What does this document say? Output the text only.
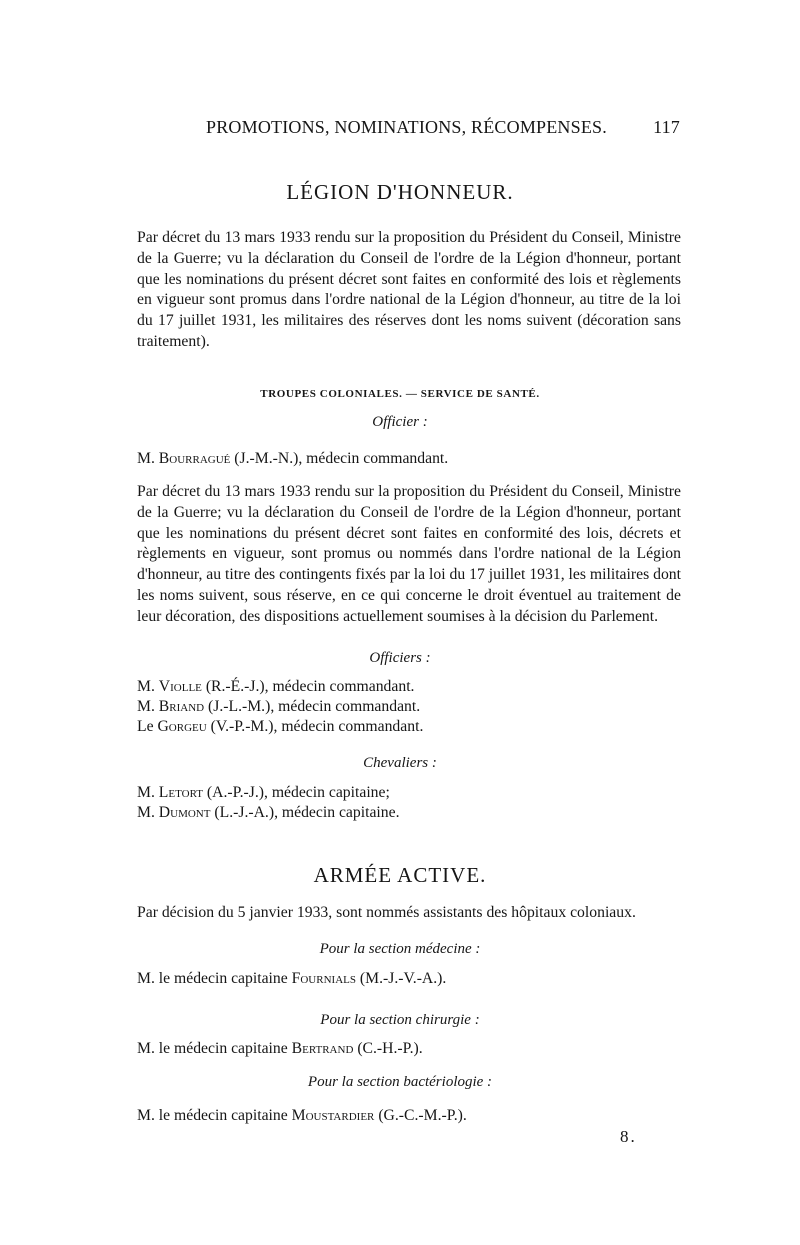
PROMOTIONS, NOMINATIONS, RÉCOMPENSES.	117
LÉGION D'HONNEUR.

Par décret du 13 mars 1933 rendu sur la proposition du Président du Conseil, Ministre de la Guerre; vu la déclaration du Conseil de l'ordre de la Légion d'honneur, portant que les nominations du présent décret sont faites en conformité des lois et règlements en vigueur sont promus dans l'ordre national de la Légion d'honneur, au titre de la loi du 17 juillet 1931, les militaires des réserves dont les noms suivent (décoration sans traitement).

TROUPES COLONIALES. — SERVICE DE SANTÉ.
Officier :
M. Bourragué (J.-M.-N.), médecin commandant.

Par décret du 13 mars 1933 rendu sur la proposition du Président du Conseil, Ministre de la Guerre; vu la déclaration du Conseil de l'ordre de la Légion d'honneur, portant que les nominations du présent décret sont faites en conformité des lois, décrets et règlements en vigueur, sont promus ou nommés dans l'ordre national de la Légion d'honneur, au titre des contingents fixés par la loi du 17 juillet 1931, les militaires dont les noms suivent, sous réserve, en ce qui concerne le droit éventuel au traitement de leur décoration, des dispositions actuellement soumises à la décision du Parlement.

Officiers :
M. Violle (R.-É.-J.), médecin commandant.
M. Briand (J.-L.-M.), médecin commandant.
Le Gorgeu (V.-P.-M.), médecin commandant.
Chevaliers :
M. Letort (A.-P.-J.), médecin capitaine;
M. Dumont (L.-J.-A.), médecin capitaine.
ARMÉE ACTIVE.
Par décision du 5 janvier 1933, sont nommés assistants des hôpitaux coloniaux.
Pour la section médecine :
M. le médecin capitaine Fournials (M.-J.-V.-A.).
Pour la section chirurgie :
M. le médecin capitaine Bertrand (C.-H.-P.).
Pour la section bactériologie :
M. le médecin capitaine Moustardier (G.-C.-M.-P.).
8.
